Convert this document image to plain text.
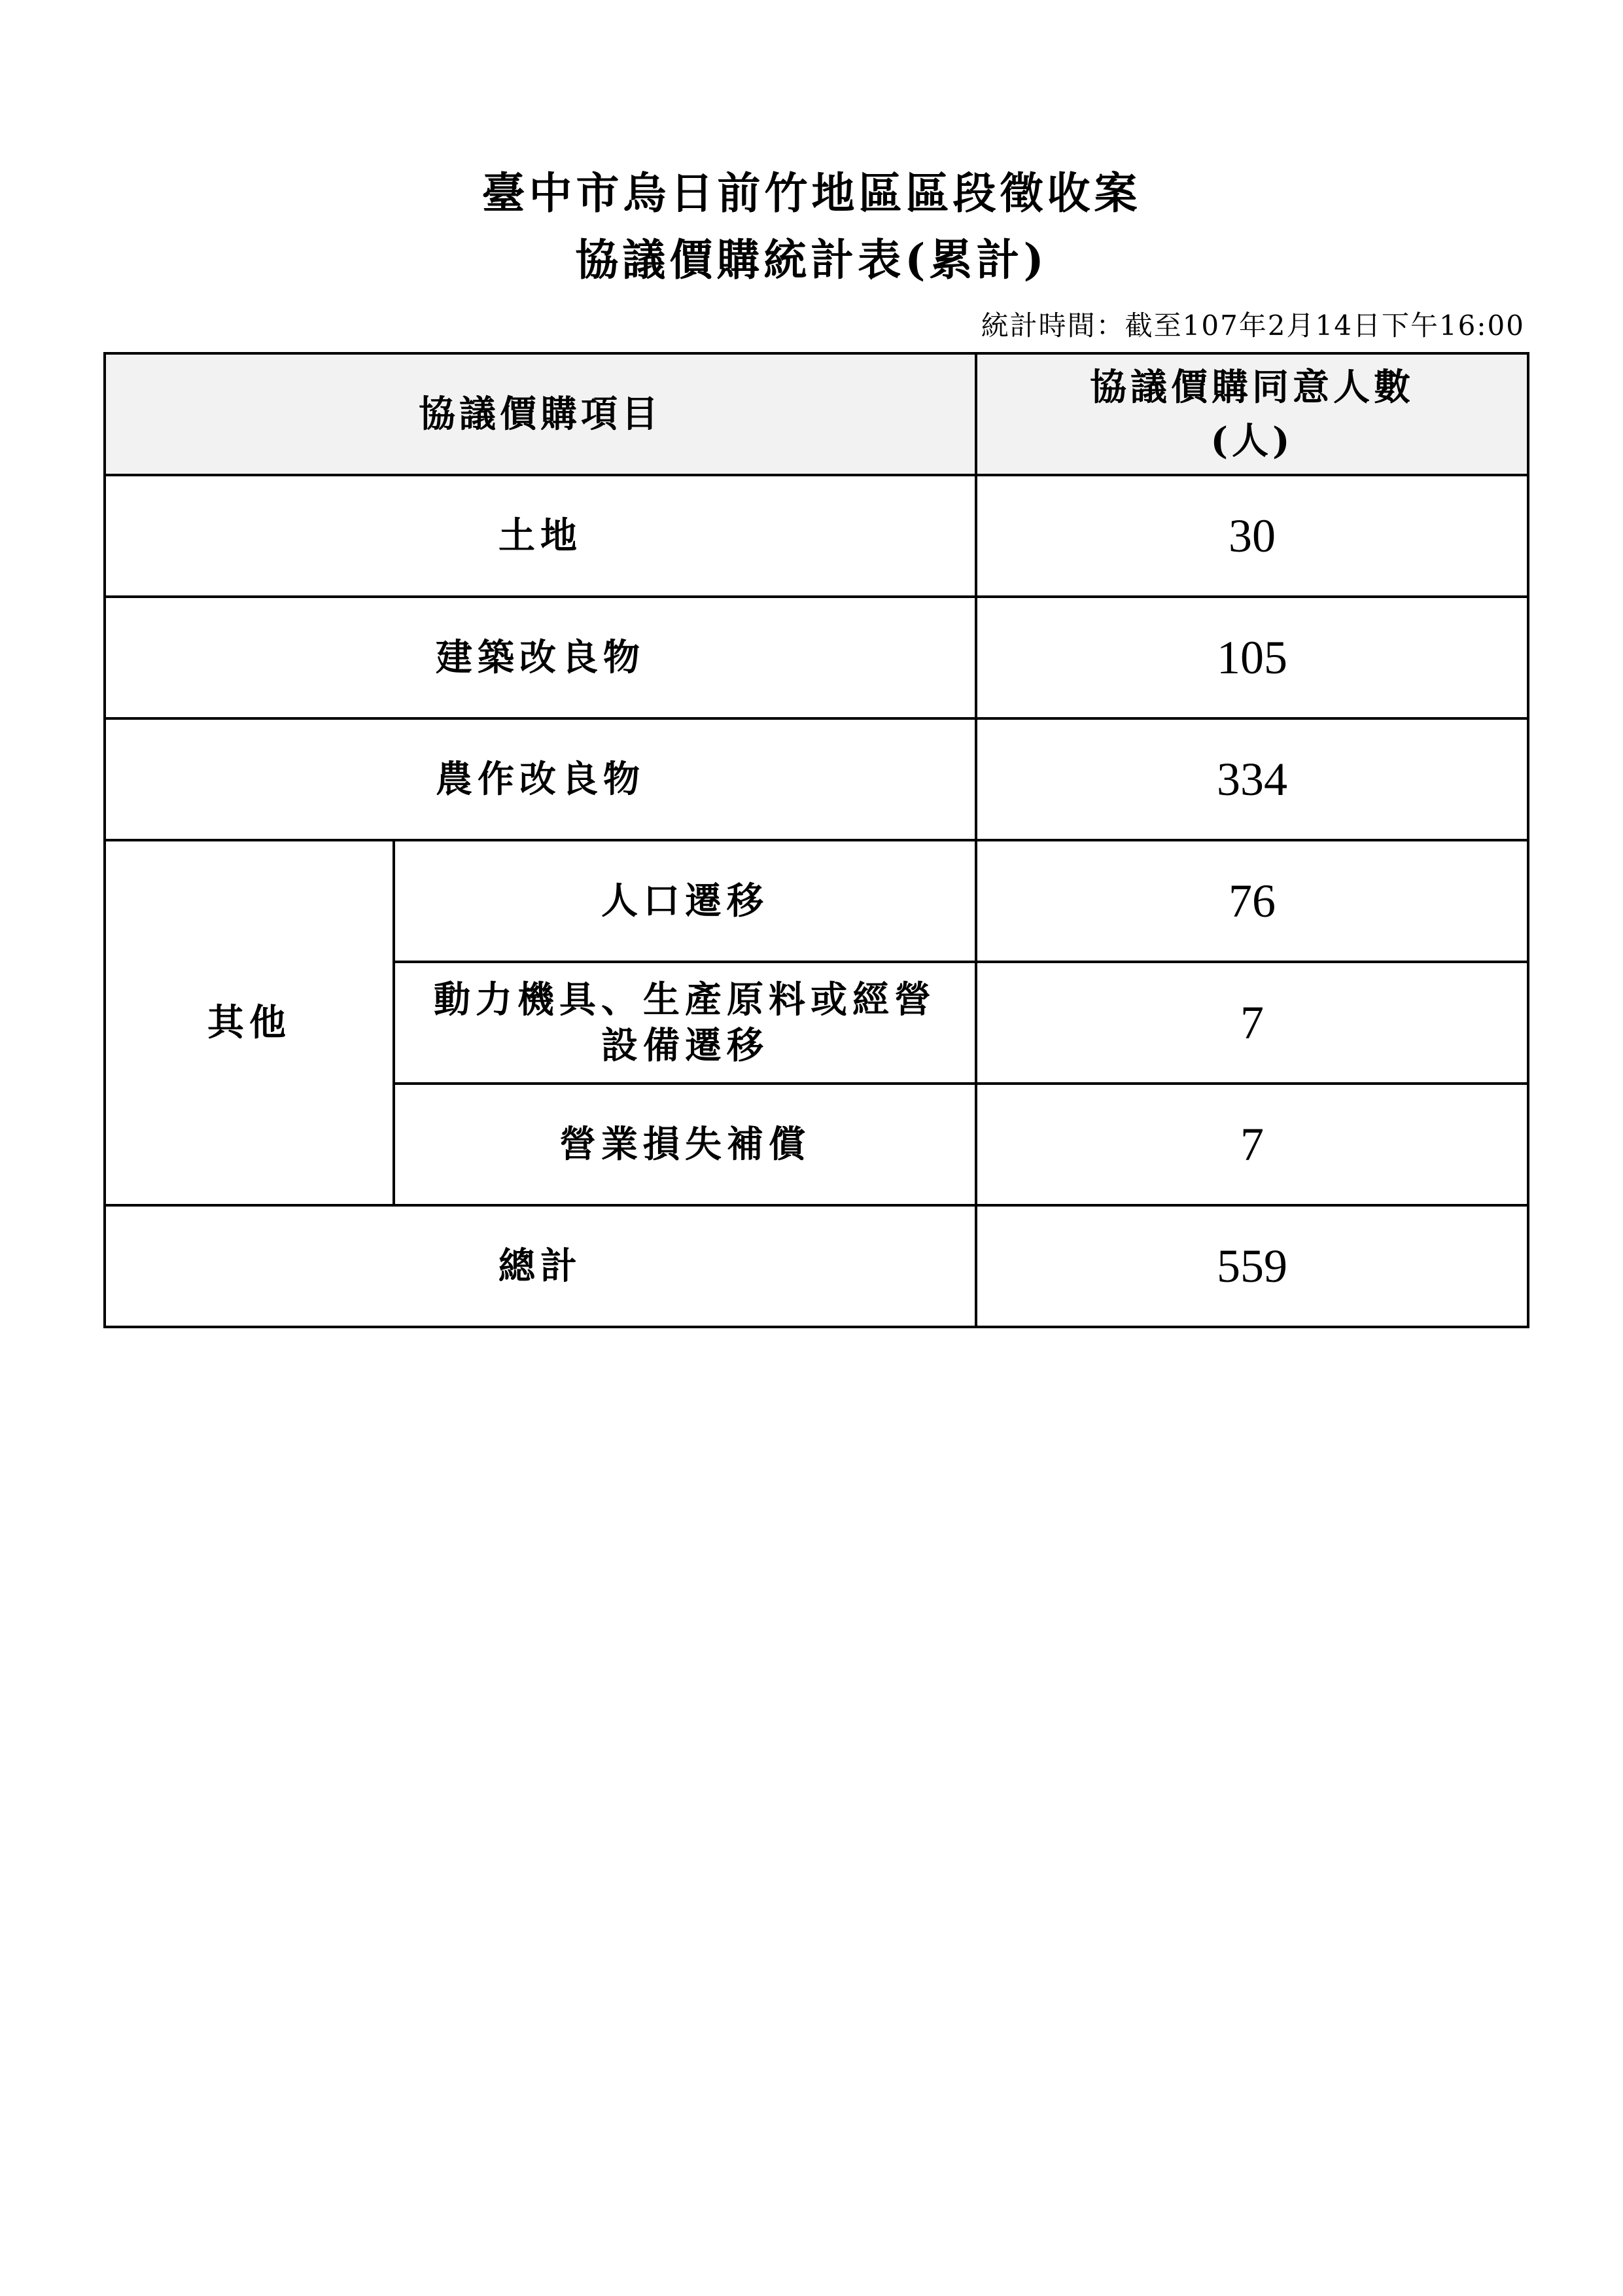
臺中市烏日前竹地區區段徵收案
協議價購統計表(累計)
統計時間：截至107年2月14日下午16:00
協議價購項目		協議價購同意人數
(人)

土地		30
建築改良物		105
農作改良物		334
其他	人口遷移	76

	動力機具、生產原料或經營設備遷移	7
	營業損失補償	7
總計		559
